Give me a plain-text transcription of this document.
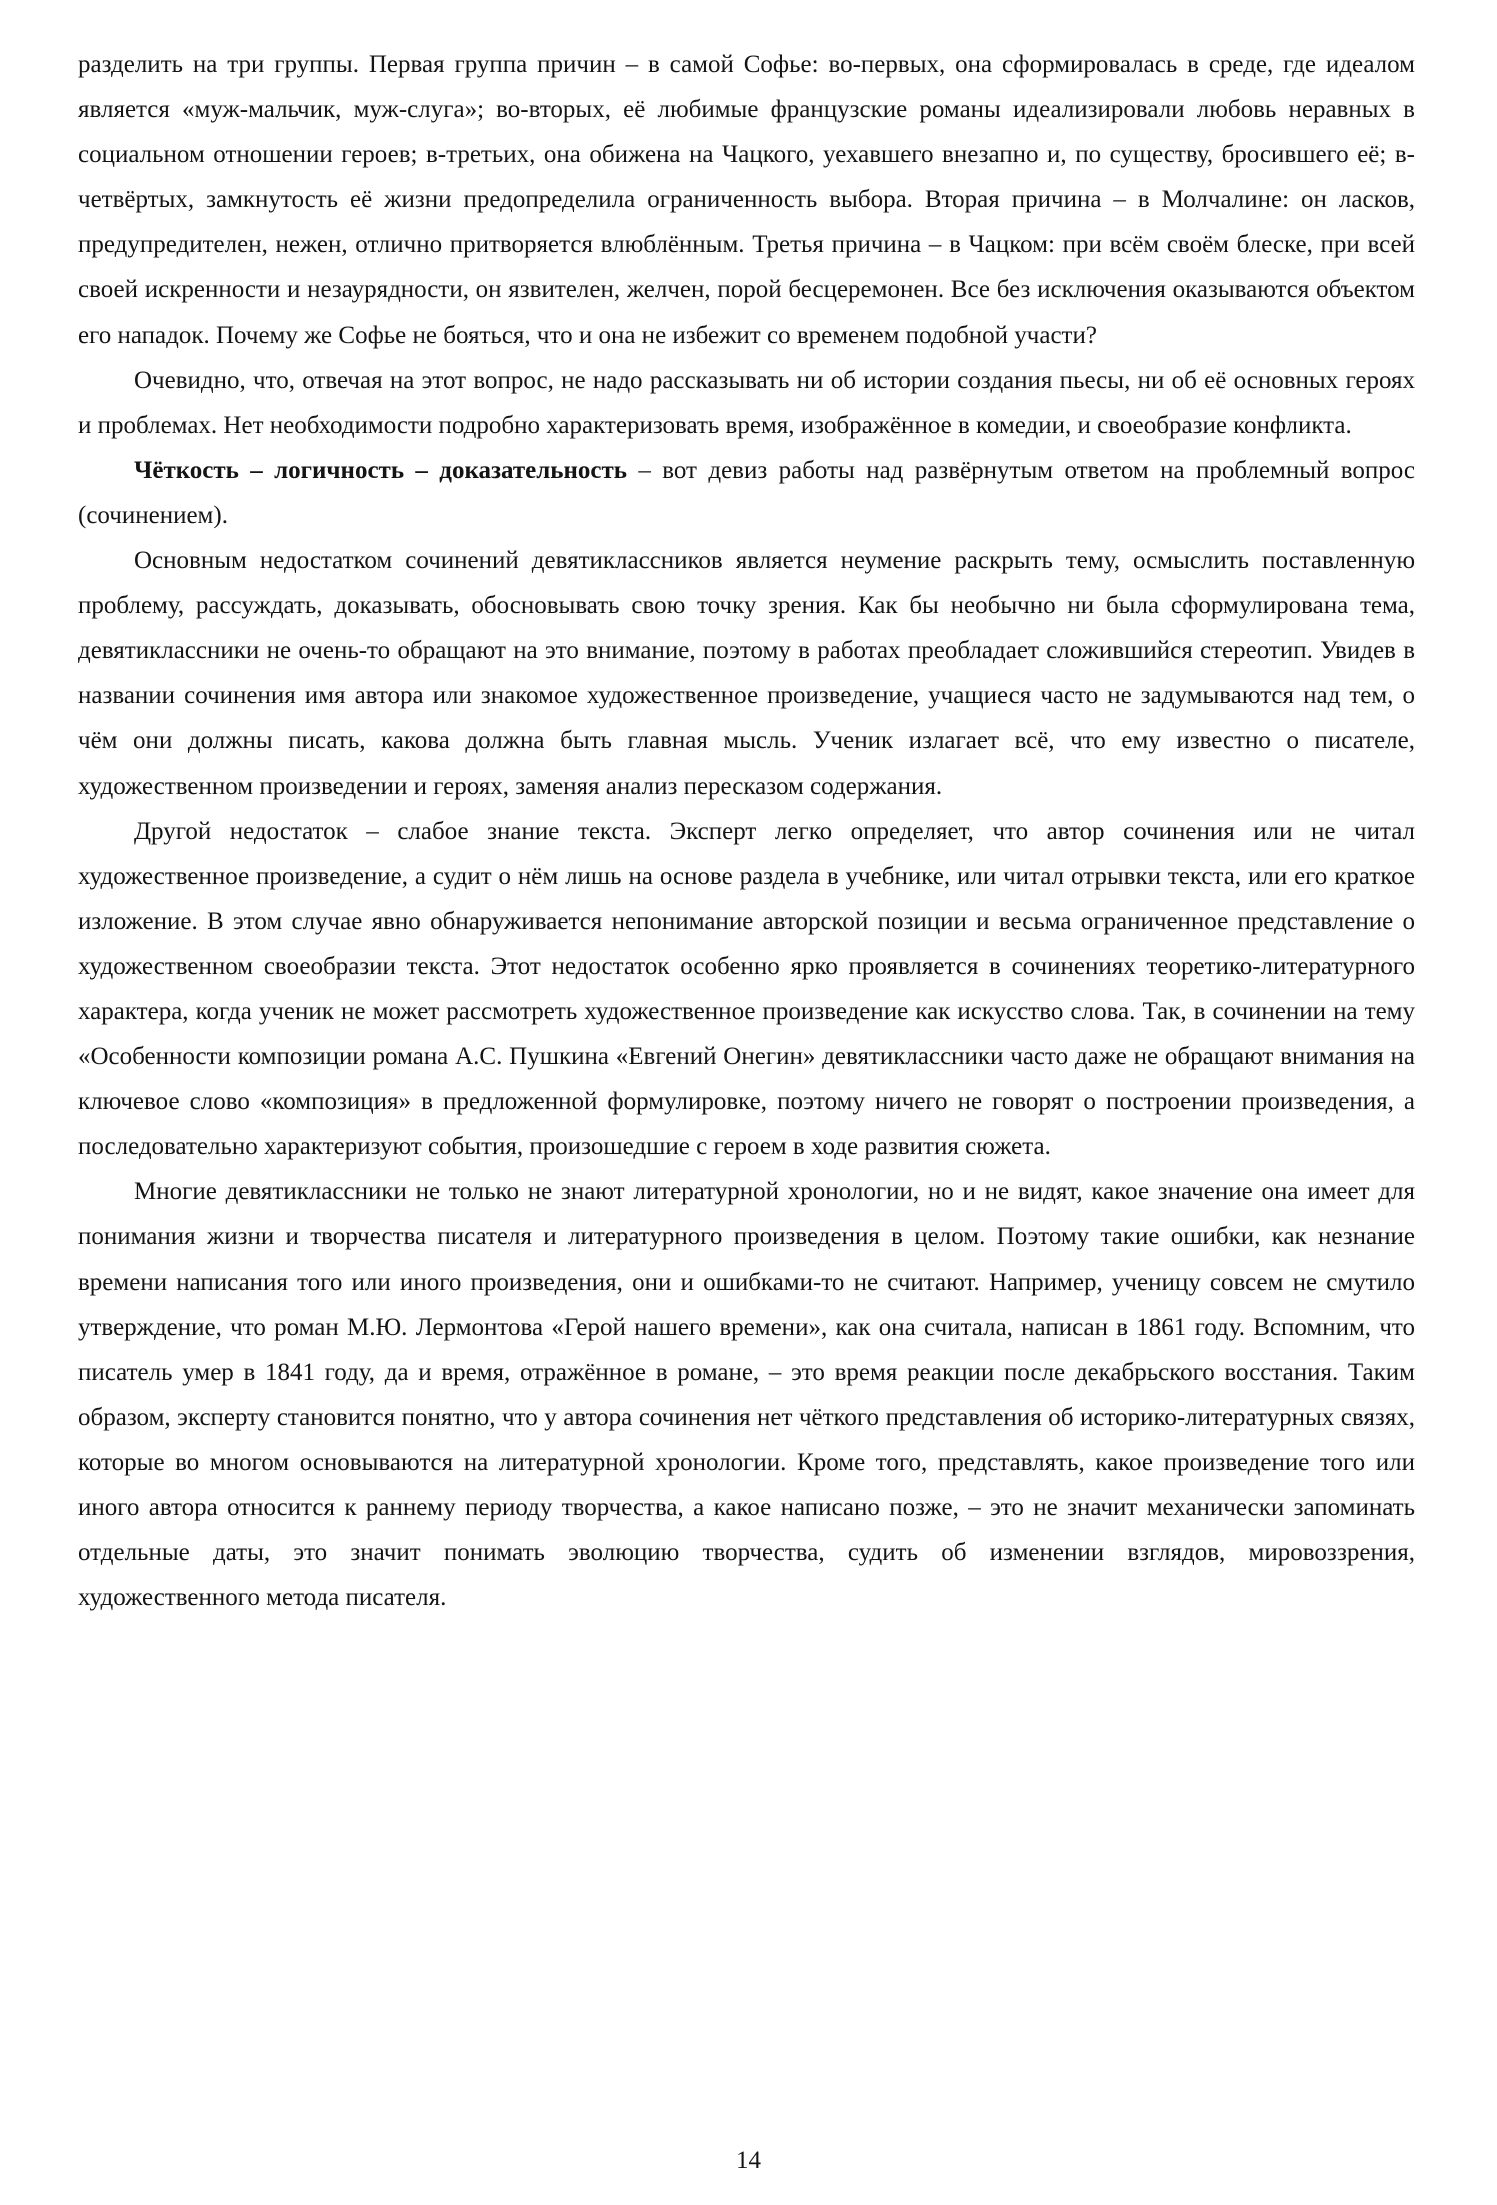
разделить на три группы. Первая группа причин – в самой Софье: во-первых, она сформировалась в среде, где идеалом является «муж-мальчик, муж-слуга»; во-вторых, её любимые французские романы идеализировали любовь неравных в социальном отношении героев; в-третьих, она обижена на Чацкого, уехавшего внезапно и, по существу, бросившего её; в-четвёртых, замкнутость её жизни предопределила ограниченность выбора. Вторая причина – в Молчалине: он ласков, предупредителен, нежен, отлично притворяется влюблённым. Третья причина – в Чацком: при всём своём блеске, при всей своей искренности и незаурядности, он язвителен, желчен, порой бесцеремонен. Все без исключения оказываются объектом его нападок. Почему же Софье не бояться, что и она не избежит со временем подобной участи?

Очевидно, что, отвечая на этот вопрос, не надо рассказывать ни об истории создания пьесы, ни об её основных героях и проблемах. Нет необходимости подробно характеризовать время, изображённое в комедии, и своеобразие конфликта.

Чёткость – логичность – доказательность – вот девиз работы над развёрнутым ответом на проблемный вопрос (сочинением).

Основным недостатком сочинений девятиклассников является неумение раскрыть тему, осмыслить поставленную проблему, рассуждать, доказывать, обосновывать свою точку зрения. Как бы необычно ни была сформулирована тема, девятиклассники не очень-то обращают на это внимание, поэтому в работах преобладает сложившийся стереотип. Увидев в названии сочинения имя автора или знакомое художественное произведение, учащиеся часто не задумываются над тем, о чём они должны писать, какова должна быть главная мысль. Ученик излагает всё, что ему известно о писателе, художественном произведении и героях, заменяя анализ пересказом содержания.

Другой недостаток – слабое знание текста. Эксперт легко определяет, что автор сочинения или не читал художественное произведение, а судит о нём лишь на основе раздела в учебнике, или читал отрывки текста, или его краткое изложение. В этом случае явно обнаруживается непонимание авторской позиции и весьма ограниченное представление о художественном своеобразии текста. Этот недостаток особенно ярко проявляется в сочинениях теоретико-литературного характера, когда ученик не может рассмотреть художественное произведение как искусство слова. Так, в сочинении на тему «Особенности композиции романа А.С. Пушкина «Евгений Онегин» девятиклассники часто даже не обращают внимания на ключевое слово «композиция» в предложенной формулировке, поэтому ничего не говорят о построении произведения, а последовательно характеризуют события, произошедшие с героем в ходе развития сюжета.

Многие девятиклассники не только не знают литературной хронологии, но и не видят, какое значение она имеет для понимания жизни и творчества писателя и литературного произведения в целом. Поэтому такие ошибки, как незнание времени написания того или иного произведения, они и ошибками-то не считают. Например, ученицу совсем не смутило утверждение, что роман М.Ю. Лермонтова «Герой нашего времени», как она считала, написан в 1861 году. Вспомним, что писатель умер в 1841 году, да и время, отражённое в романе, – это время реакции после декабрьского восстания. Таким образом, эксперту становится понятно, что у автора сочинения нет чёткого представления об историко-литературных связях, которые во многом основываются на литературной хронологии. Кроме того, представлять, какое произведение того или иного автора относится к раннему периоду творчества, а какое написано позже, – это не значит механически запоминать отдельные даты, это значит понимать эволюцию творчества, судить об изменении взглядов, мировоззрения, художественного метода писателя.

14
